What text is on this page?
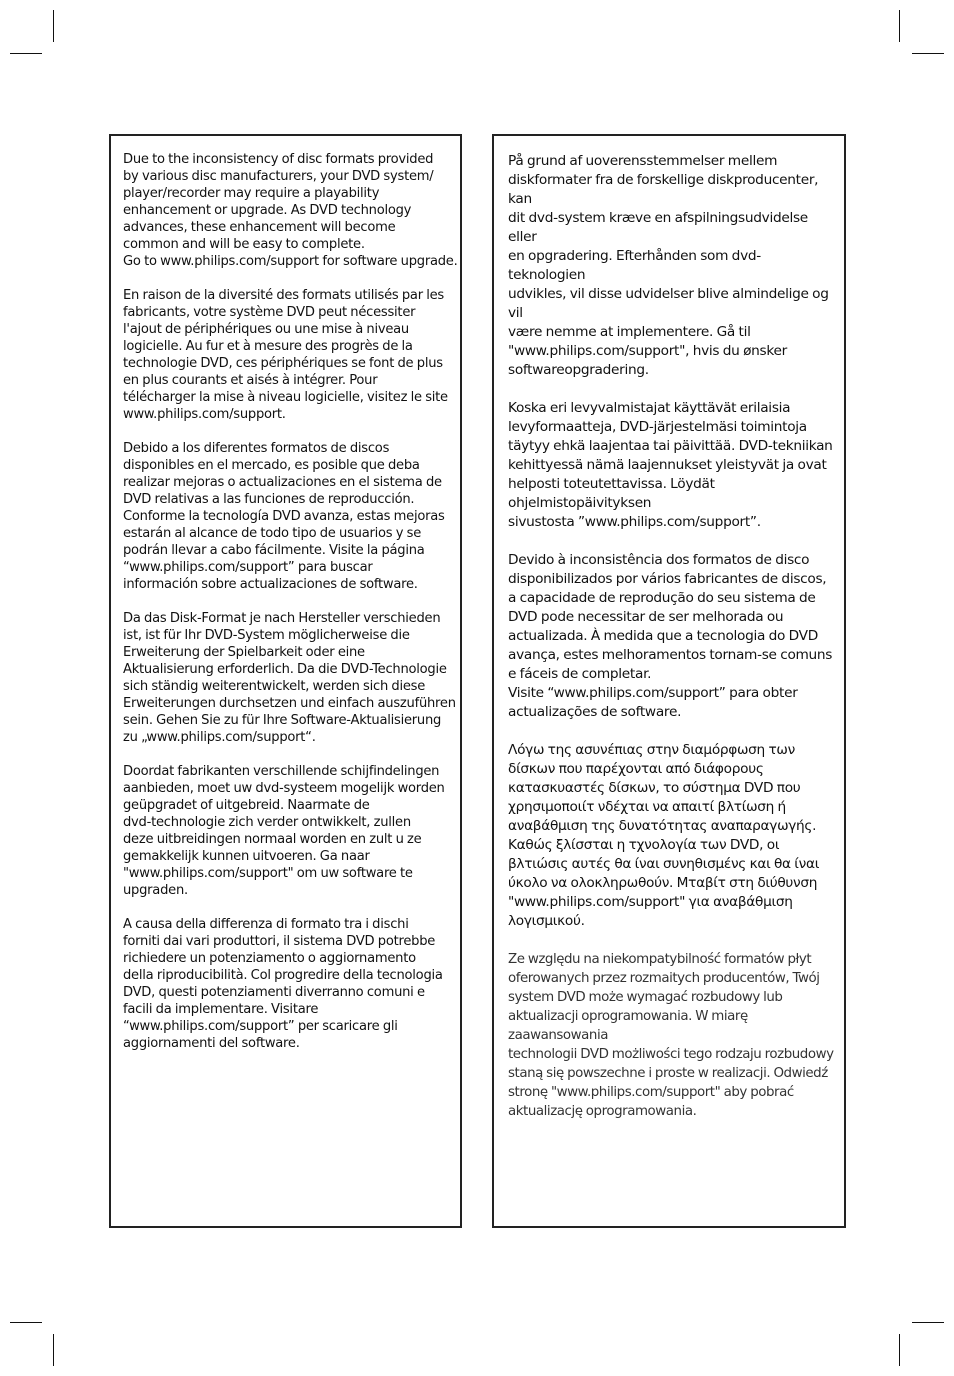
Due to the inconsistency of disc formats provided
by various disc manufacturers, your DVD system/
player/recorder may require a playability
enhancement or upgrade. As DVD technology
advances, these enhancement will become
common and will be easy to complete.
Go to www.philips.com/support for software upgrade.

En raison de la diversité des formats utilisés par les
fabricants, votre système DVD peut nécessiter
l'ajout de périphériques ou une mise à niveau
logicielle. Au fur et à mesure des progrès de la
technologie DVD, ces périphériques se font de plus
en plus courants et aisés à intégrer. Pour
télécharger la mise à niveau logicielle, visitez le site
www.philips.com/support.

Debido a los diferentes formatos de discos
disponibles en el mercado, es posible que deba
realizar mejoras o actualizaciones en el sistema de
DVD relativas a las funciones de reproducción.
Conforme la tecnología DVD avanza, estas mejoras
estarán al alcance de todo tipo de usuarios y se
podrán llevar a cabo fácilmente. Visite la página
“www.philips.com/support” para buscar
información sobre actualizaciones de software.

Da das Disk-Format je nach Hersteller verschieden
ist, ist für Ihr DVD-System möglicherweise die
Erweiterung der Spielbarkeit oder eine
Aktualisierung erforderlich. Da die DVD-Technologie
sich ständig weiterentwickelt, werden sich diese
Erweiterungen durchsetzen und einfach auszuführen
sein. Gehen Sie zu für Ihre Software-Aktualisierung
zu „www.philips.com/support“.

Doordat fabrikanten verschillende schijfindelingen
aanbieden, moet uw dvd-systeem mogelijk worden
geüpgradet of uitgebreid. Naarmate de
dvd-technologie zich verder ontwikkelt, zullen
deze uitbreidingen normaal worden en zult u ze
gemakkelijk kunnen uitvoeren. Ga naar
"www.philips.com/support" om uw software te
upgraden.

A causa della differenza di formato tra i dischi
forniti dai vari produttori, il sistema DVD potrebbe
richiedere un potenziamento o aggiornamento
della riproducibilità. Col progredire della tecnologia
DVD, questi potenziamenti diverranno comuni e
facili da implementare. Visitare
“www.philips.com/support” per scaricare gli
aggiornamenti del software.

På grund af uoverensstemmelser mellem
diskformater fra de forskellige diskproducenter, kan
dit dvd-system kræve en afspilningsudvidelse eller
en opgradering. Efterhånden som dvd-teknologien
udvikles, vil disse udvidelser blive almindelige og vil
være nemme at implementere. Gå til
"www.philips.com/support", hvis du ønsker
softwareopgradering.

Koska eri levyvalmistajat käyttävät erilaisia
levyformaatteja, DVD-järjestelmäsi toimintoja
täytyy ehkä laajentaa tai päivittää. DVD-tekniikan
kehittyessä nämä laajennukset yleistyvät ja ovat
helposti toteutettavissa. Löydät ohjelmistopäivityksen
sivustosta ”www.philips.com/support”.

Devido à inconsistência dos formatos de disco
disponibilizados por vários fabricantes de discos,
a capacidade de reprodução do seu sistema de
DVD pode necessitar de ser melhorada ou
actualizada. À medida que a tecnologia do DVD
avança, estes melhoramentos tornam-se comuns
e fáceis de completar.
Visite “www.philips.com/support” para obter
actualizações de software.

Λόγω της ασυνέπιας στην διαμόρφωση των
δίσκων που παρέχονται από διάφορους
κατασκυαστές δίσκων, το σύστημα DVD που
χρησιμοποιίτ νδέχται να απαιτί βλτίωση ή
αναβάθμιση της δυνατότητας αναπαραγωγής.
Καθώς ξλίσσται η τχνολογία των DVD, οι
βλτιώσις αυτές θα ίναι συνηθισμένς και θα ίναι
ύκολο να ολοκληρωθούν. Μταβίτ στη διύθυνση
"www.philips.com/support" για αναβάθμιση
λογισμικού.

Ze względu na niekompatybilność formatów płyt
oferowanych przez rozmaitych producentów, Twój
system DVD może wymagać rozbudowy lub
aktualizacji oprogramowania. W miarę zaawansowania
technologii DVD możliwości tego rodzaju rozbudowy
staną się powszechne i proste w realizacji. Odwiedź
stronę "www.philips.com/support" aby pobrać
aktualizację oprogramowania.
